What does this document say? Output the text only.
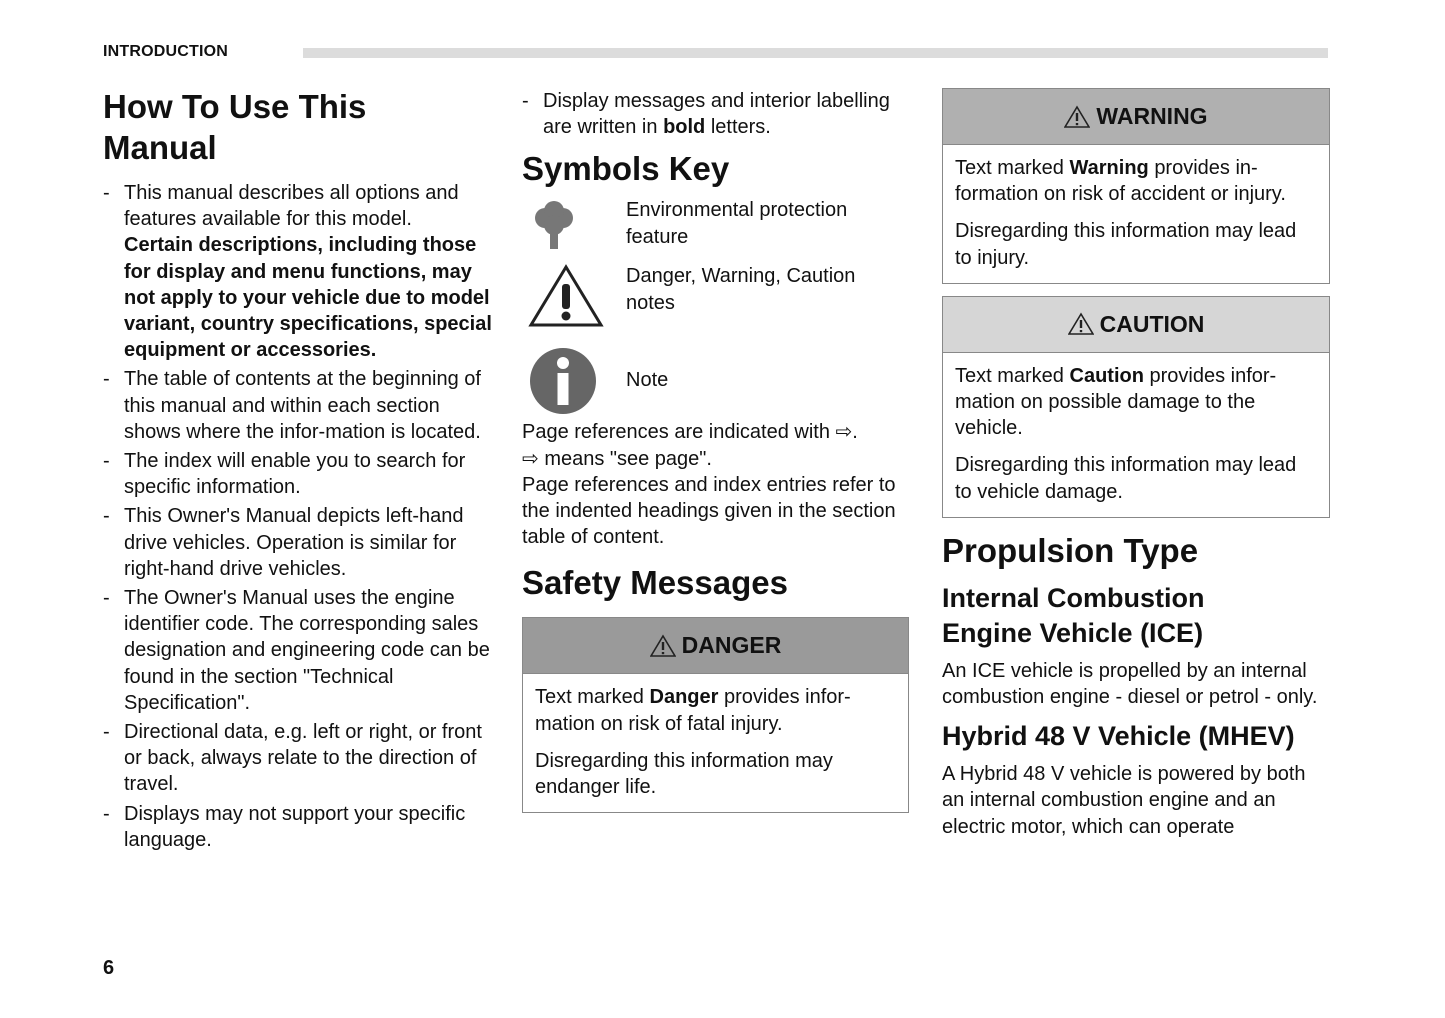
INTRODUCTION
How To Use This Manual
- This manual describes all options and features available for this model.
Certain descriptions, including those for display and menu functions, may not apply to your vehicle due to model variant, country specifications, special equipment or accessories.
- The table of contents at the beginning of this manual and within each section shows where the infor-mation is located.
- The index will enable you to search for specific information.
- This Owner's Manual depicts left-hand drive vehicles. Operation is similar for right-hand drive vehicles.
- The Owner's Manual uses the engine identifier code. The corresponding sales designation and engineering code can be found in the section "Technical Specification".
- Directional data, e.g. left or right, or front or back, always relate to the direction of travel.
- Displays may not support your specific language.
- Display messages and interior labelling are written in bold letters.
Symbols Key
Environmental protection feature
Danger, Warning, Caution notes
Note

Page references are indicated with ⇨.

⇨ means "see page".

Page references and index entries refer to the indented headings given in the section table of content.

Safety Messages
DANGER

Text marked Danger provides infor-mation on risk of fatal injury.

Disregarding this information may endanger life.

WARNING

Text marked Warning provides in-formation on risk of accident or injury.

Disregarding this information may lead to injury.

CAUTION

Text marked Caution provides infor-mation on possible damage to the vehicle.

Disregarding this information may lead to vehicle damage.

Propulsion Type
Internal Combustion Engine Vehicle (ICE)

An ICE vehicle is propelled by an internal combustion engine - diesel or petrol - only.

Hybrid 48 V Vehicle (MHEV)

A Hybrid 48 V vehicle is powered by both an internal combustion engine and an electric motor, which can operate

6
